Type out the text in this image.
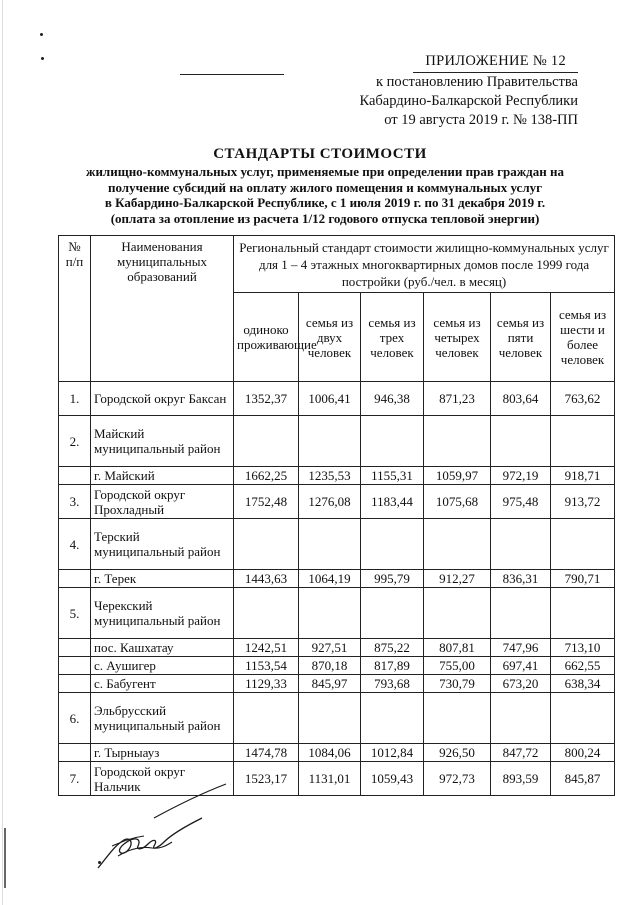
ПРИЛОЖЕНИЕ № 12
к постановлению Правительства
Кабардино-Балкарской Республики
от 19 августа 2019 г. № 138-ПП
СТАНДАРТЫ СТОИМОСТИ
жилищно-коммунальных услуг, применяемые при определении прав граждан на
получение субсидий на оплату жилого помещения и коммунальных услуг
в Кабардино-Балкарской Республике, с 1 июля 2019 г. по 31 декабря 2019 г.
(оплата за отопление из расчета 1/12 годового отпуска тепловой энергии)
№ п/п	Наименования муниципальных образований	Региональный стандарт стоимости жилищно-коммунальных услуг для 1 – 4 этажных многоквартирных домов после 1999 года постройки (руб./чел. в месяц)					
		одиноко проживающие	семья из двух человек	семья из трех человек	семья из четырех человек	семья из пяти человек	семья из шести и более человек
1.	Городской округ Баксан	1352,37	1006,41	946,38	871,23	803,64	763,62
2.	Майский муниципальный район						
	г. Майский	1662,25	1235,53	1155,31	1059,97	972,19	918,71
3.	Городской округ Прохладный	1752,48	1276,08	1183,44	1075,68	975,48	913,72
4.	Терский муниципальный район						
	г. Терек	1443,63	1064,19	995,79	912,27	836,31	790,71
5.	Черекский муниципальный район						
	пос. Кашхатау	1242,51	927,51	875,22	807,81	747,96	713,10
	с. Аушигер	1153,54	870,18	817,89	755,00	697,41	662,55
	с. Бабугент	1129,33	845,97	793,68	730,79	673,20	638,34
6.	Эльбрусский муниципальный район						
	г. Тырныауз	1474,78	1084,06	1012,84	926,50	847,72	800,24
7.	Городской округ Нальчик	1523,17	1131,01	1059,43	972,73	893,59	845,87
